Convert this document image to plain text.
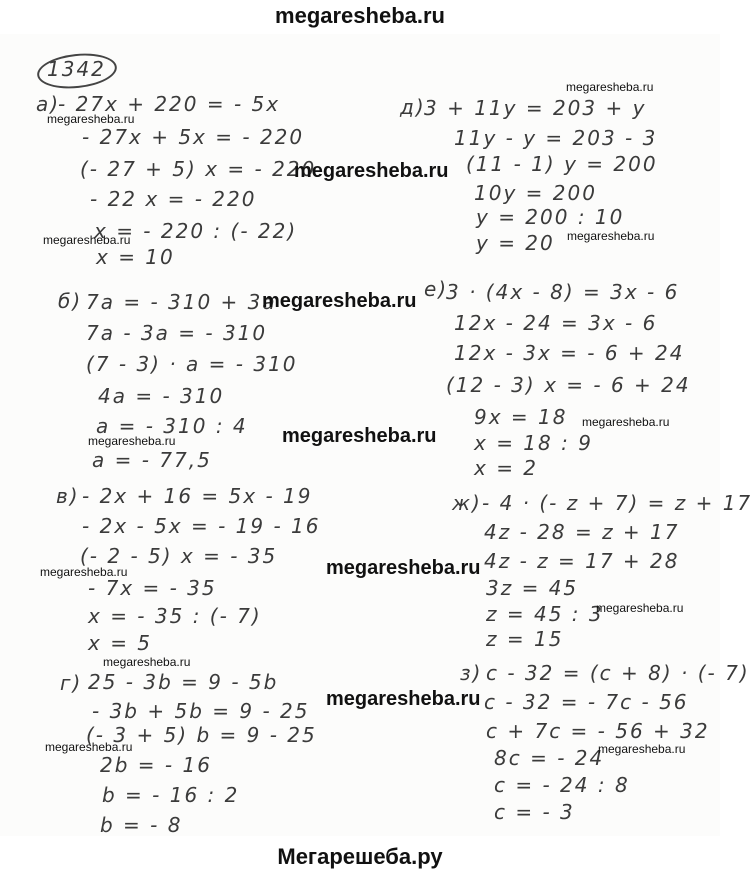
megaresheba.ru
1342
а)
- 27x + 220 = - 5x
- 27x + 5x = - 220
(- 27 + 5) x = - 220
- 22 x = - 220
x = - 220 : (- 22)
x = 10
б) 7a = - 310 + 3a
7a - 3a = - 310
(7 - 3) · a = - 310
4a = - 310
a = - 310 : 4
a = - 77,5
в) - 2x + 16 = 5x - 19
- 2x - 5x = - 19 - 16
(- 2 - 5) x = - 35
- 7x = - 35
x = - 35 : (- 7)
x = 5
г) 25 - 3b = 9 - 5b
- 3b + 5b = 9 - 25
(- 3 + 5) b = 9 - 25
2b = - 16
b = - 16 : 2
b = - 8
д)
3 + 11y = 203 + y
11y - y = 203 - 3
(11 - 1) y = 200
10y = 200
y = 200 : 10
y = 20
е)
3 · (4x - 8) = 3x - 6
12x - 24 = 3x - 6
12x - 3x = - 6 + 24
(12 - 3) x = - 6 + 24
9x = 18
x = 18 : 9
x = 2
ж) - 4 · (- z + 7) = z + 17
4z - 28 = z + 17
4z - z = 17 + 28
3z = 45
z = 45 : 3
z = 15
з) c - 32 = (c + 8) · (- 7)
c - 32 = - 7c - 56
c + 7c = - 56 + 32
8c = - 24
c = - 24 : 8
c = - 3
megaresheba.ru
megaresheba.ru
megaresheba.ru
megaresheba.ru
megaresheba.ru
megaresheba.ru
megaresheba.ru
megaresheba.ru	megaresheba.ru
megaresheba.ru
megaresheba.ru
megaresheba.ru
megaresheba.ru
megaresheba.ru
megaresheba.ru	megaresheba.ru
Мегарешеба.ру
